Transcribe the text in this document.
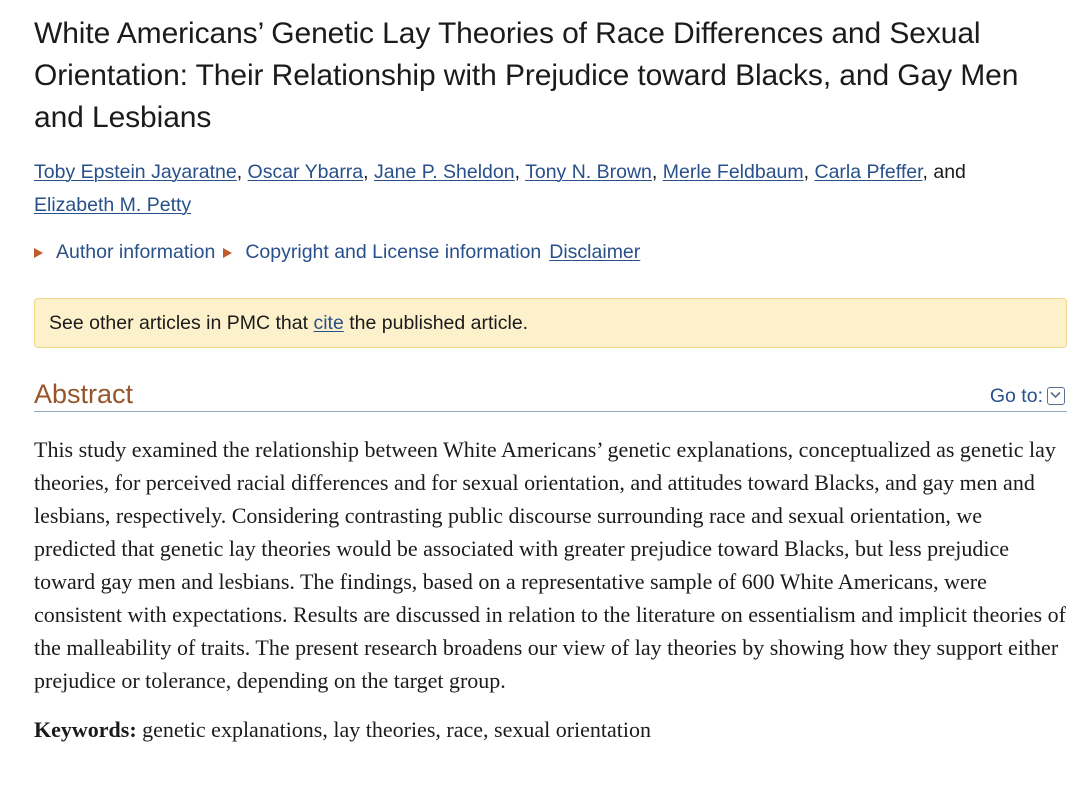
White Americans’ Genetic Lay Theories of Race Differences and Sexual Orientation: Their Relationship with Prejudice toward Blacks, and Gay Men and Lesbians
Toby Epstein Jayaratne, Oscar Ybarra, Jane P. Sheldon, Tony N. Brown, Merle Feldbaum, Carla Pfeffer, and
Elizabeth M. Petty
Author information Copyright and License information Disclaimer
See other articles in PMC that cite the published article.
Abstract	Go to:

This study examined the relationship between White Americans’ genetic explanations, conceptualized as genetic lay theories, for perceived racial differences and for sexual orientation, and attitudes toward Blacks, and gay men and lesbians, respectively. Considering contrasting public discourse surrounding race and sexual orientation, we predicted that genetic lay theories would be associated with greater prejudice toward Blacks, but less prejudice toward gay men and lesbians. The findings, based on a representative sample of 600 White Americans, were consistent with expectations. Results are discussed in relation to the literature on essentialism and implicit theories of the malleability of traits. The present research broadens our view of lay theories by showing how they support either prejudice or tolerance, depending on the target group.

Keywords: genetic explanations, lay theories, race, sexual orientation
